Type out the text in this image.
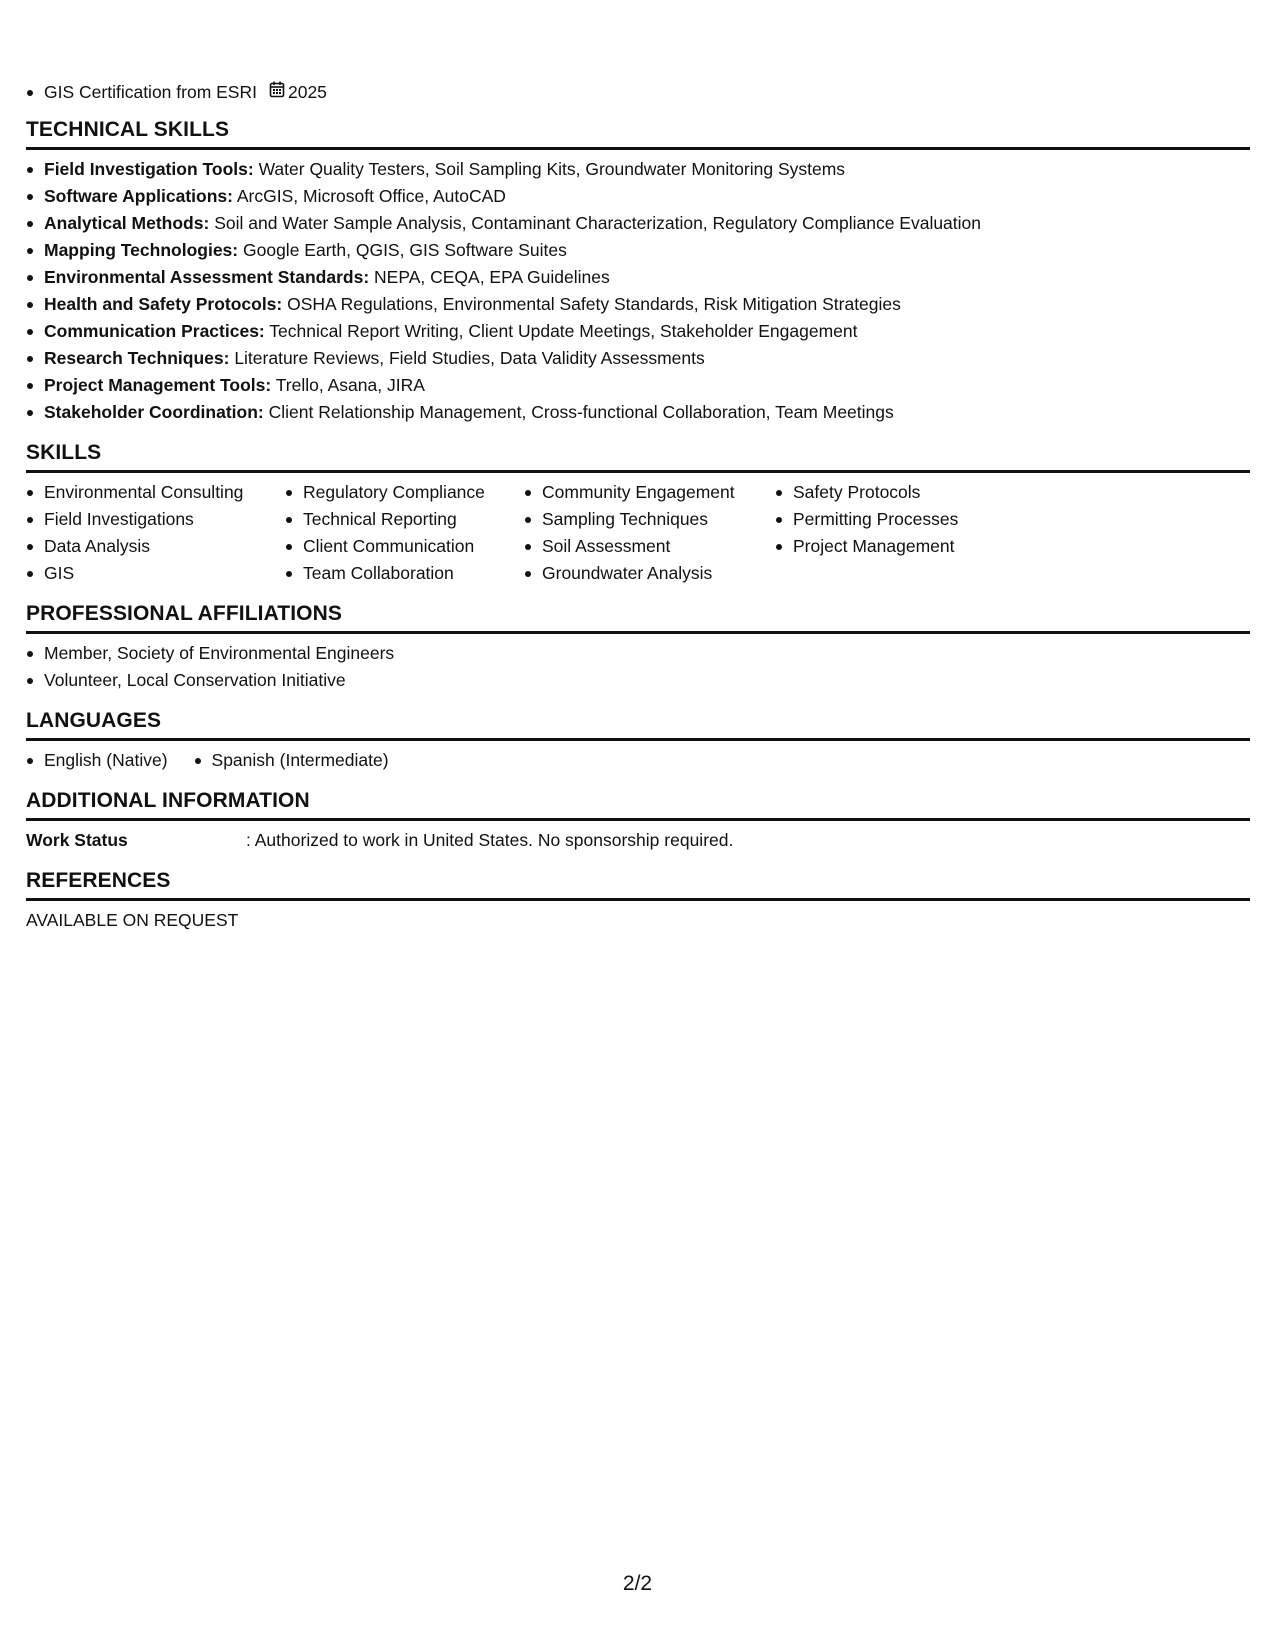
GIS Certification from ESRI 2025
TECHNICAL SKILLS
Field Investigation Tools: Water Quality Testers, Soil Sampling Kits, Groundwater Monitoring Systems
Software Applications: ArcGIS, Microsoft Office, AutoCAD
Analytical Methods: Soil and Water Sample Analysis, Contaminant Characterization, Regulatory Compliance Evaluation
Mapping Technologies: Google Earth, QGIS, GIS Software Suites
Environmental Assessment Standards: NEPA, CEQA, EPA Guidelines
Health and Safety Protocols: OSHA Regulations, Environmental Safety Standards, Risk Mitigation Strategies
Communication Practices: Technical Report Writing, Client Update Meetings, Stakeholder Engagement
Research Techniques: Literature Reviews, Field Studies, Data Validity Assessments
Project Management Tools: Trello, Asana, JIRA
Stakeholder Coordination: Client Relationship Management, Cross-functional Collaboration, Team Meetings
SKILLS
Environmental Consulting
Field Investigations
Data Analysis
GIS
Regulatory Compliance
Technical Reporting
Client Communication
Team Collaboration
Community Engagement
Sampling Techniques
Soil Assessment
Groundwater Analysis
Safety Protocols
Permitting Processes
Project Management
PROFESSIONAL AFFILIATIONS
Member, Society of Environmental Engineers
Volunteer, Local Conservation Initiative
LANGUAGES
English (Native)	Spanish (Intermediate)
ADDITIONAL INFORMATION
Work Status	: Authorized to work in United States. No sponsorship required.
REFERENCES
AVAILABLE ON REQUEST
2/2
